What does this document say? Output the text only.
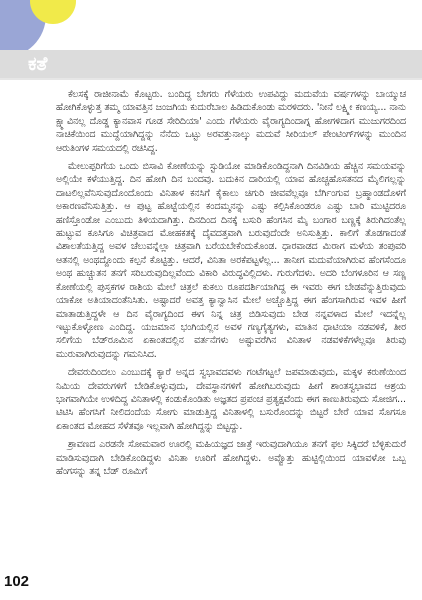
ಕತೆ

ಕೆಲಸಕ್ಕೆ ರಾಜೀನಾಮೆ ಕೊಟ್ಟರು. ಬಂದಿದ್ದ ಬೇಗರು ಗೆಳೆಯರು ಉಪವಿದ್ದು ಮದುವೆಯ ವರ್ಷಗಳನ್ನು ಬಾಯ್ಮುಚ ಹೋಗಿಕೊಳ್ಳುತ್ತ ತಮ್ಮ ಯಾವತ್ತಿನ ಜಂಜಗಿಯ ಕುದುರೆಬಾಲ ಹಿಡಿದುಕೊಂಡು ಮರಳಿದರು. 'ನೀನೆ ಲಕ್ಷ್ಮೀ ಕಣಯ್ಯ... ನಾನು ಕ್ಷ್ಮಾವಿನಲ್ಲ ದೊಡ್ಡ ಕ್ಯಾನವಾಸ ಗೂಡ ಸೇರಿದಿಯಾ' ಎಂದು ಗೆಳೆಯರು ವೈರಾಗ್ಯದಿಂದಾಗ್ನ ಹೋಗಳಿದಾಗ ಮುಜುಗರದಿಂದ ನಾಚಿಕೆಯಿಂದ ಮುದ್ದೆಯಾಗಿದ್ದನ್ನು ನೆನೆದು ಒಟ್ಟು ಅರವತ್ತುನಾಲ್ಕು ಮದುವೆ ಸೀರಿಯಲ್ ಪೇಂಟಿಂಗ್‌ಗಳನ್ನು ಮುಂದಿನ ಆರುತಿಂಗಳ ಸಮಯದಲ್ಲಿ ರಚಿಸಿದ್ದ.

ಮೇಲುಪ್ಪರಿಗೆಯ ಒಂದು ಬಿಸಾವಿ ಕೋಣೆಯನ್ನು ಸ್ಟುಡಿಯೋ ಮಾಡಿಕೊಂಡಿದ್ದನಾಗಿ ದಿನವಿಡಿಯ ಹೆಚ್ಚಿನ ಸಮಯವನ್ನು ಅಲ್ಲಿಯೇ ಕಳೆಯುತ್ತಿದ್ದ. ದಿನ ಹೋಗಿ ದಿನ ಬಂದವು. ಬದುಕಿನ ದಾರಿಯಲ್ಲಿ ಯಾವ ಹೊಚ್ಚಹೊಸತನದ ಮೈಲಿಗಲ್ಲನ್ನು ದಾಟಲಿಲ್ಲವೆನಿಸುವುದೊಂದೊಂದು ವಿನಿತಾಳ ಕನಸಿಗೆ ಕೈಕಾಲು ಚಿಗುರಿ ಜೀವವೆಲ್ಲವೂ ಬೆರ್ಗಿಂಗುವ ಬ್ರಹ್ಮಾಂಡದೊಳಗೆ ಅಕಾರಣವೆನಿಸುತ್ತಿತ್ತು. ಆ ಪುಟ್ಟ ಹೊಟ್ಟೆಯಲ್ಲಿನ ಕಂದಮ್ಮನನ್ನು ಎಷ್ಟು ಕಲ್ಪಿಸಿಕೊಂಡರೂ ಎಷ್ಟು ಬಾರಿ ಮುಟ್ಟಿದರೂ ಹಣಿಸ್ತೊಂಡೋ ಎಂಬುದು ತಿಳಿಯದಾಗಿತ್ತು. ದಿನದಿಂದ ದಿನಕ್ಕೆ ಬಸುರಿ ಹೆಂಗಸಿನ ಮೈ ಬಂಗಾರ ಬಣ್ಣಕ್ಕೆ ತಿರುಗಿದಂತೆಲ್ಲ ಹುಟ್ಟುವ ಕೂಸಿಗೂ ವಿಚಿತ್ರವಾದ ಮೋಹಕತಕ್ಕೆ ದೈವದತ್ತವಾಗಿ ಬರುವುದೆಂದೇ ಅನಿಸುತ್ತಿತ್ತು. ಕಾಲಿಗೆ ತೊಡಗಾದಂತೆ ವಿಶಾಲತೆಯತ್ತಿದ್ದ ಅವಳ ಚೆಲುವನ್ನೆಲ್ಲಾ ಚಿತ್ರವಾಗಿ ಬರೆಯಬೇಕೆಂದುಕೊಂಡ. ಧಾರವಾಡದ ಮಿರಾಗ ಮಳೆಯ ತಂಪುವರಿ ಆತನಲ್ಲಿ ಅಂಥದ್ದೊಂದು ಕಲ್ಪನೆ ಕೊಟ್ಟಿತ್ತು. ಆದರೆ, ವಿನಿತಾ ಅರಕೆಪಟ್ಟಳೆಲ್ಲ... ತಾನೀಗ ಮದುವೆಯಾಗಿರುವ ಹೆಂಗಸೆಂದೂ ಅಂಥ ಹುಚ್ಚುತನ ತನಗೆ ಸರಿಬರುವುದಿಲ್ಲವೆಂದು ವಿಕಾರಿ ವಿರುದ್ಧವಿಲ್ಲಿದಳು. ಗುರುಗೆದಳು. ಅದರಿ ಬೆಂಗಳೂರಿನ ಆ ಸಣ್ಣ ಕೋಣೆಯಲ್ಲಿ ಪುಸ್ತಕಗಳ ರಾಶಿಯ ಮೇಲೆ ಚಿತ್ರಲೆ ಕುಕಲು ರೂಪದರ್ಶಿಯಾಗಿದ್ದ ಈ ಇವರು ಈಗ ಬೇಡವೆನ್ನುತ್ತಿರುವುದು ಯಾಕೋ ಅತಿಯಾದಂತೆನಿಸಿತು. ಅಷ್ಟಾದರೆ ಅವತ್ತ ಕ್ಯಾನ್ವಾಸಿನ ಮೇಲೆ ಅಚ್ಚೊತ್ತಿದ್ದ ಈಗ ಹೆಂಗಸಾಗಿರುವ ಇವಳ ಹೀಗೆ ಮಾತಾಡುತ್ತಿದ್ದಳೇ ಆ ದಿನ ವೈರಾಗ್ಯದಿಂದ ಈಗ ನಿನ್ನ ಚಿತ್ರ ಬಿಡಿಸುವುದು ಬೇಡ ನನ್ನವಳಾದ ಮೇಲೆ ಇದನ್ನೆಲ್ಲ ಇಟ್ಟುಕೊಳ್ಳೋಣ ಎಂದಿದ್ದ. ಯಜಮಾನ ಭಂಗಿಯಲ್ಲಿನ ಅವಳ ಗಣ್ಯಗೈತ್ಯಗಳು, ಮಾತಿನ ಧಾಟಿಯಾ ನಡವಳಿಕೆ, ತೀರ ಸಲಿಗೆಯ ಬೆಡ್‌ರೂಮಿನ ಏಕಾಂತದಲ್ಲಿನ ವರ್ತನೆಗಳು ಅಷ್ಟುವರೆಗಿನ ವಿನಿತಾಳ ನಡವಳಿಕೆಗಳೆಲ್ಲವೂ ತಿರುವು ಮುರುವಾಗಿರುವುದನ್ನು ಗಮನಿಸಿದ.

ದೇವರುದಿಂದಲು ಎಂಬುದಕ್ಕೆ ಕ್ಯಾರೆ ಅನ್ನದ ಸ್ವಭಾವದವಳು ಗಂಟೆಗಟ್ಟಲೆ ಜಪಮಾಡುವುದು, ಮಕ್ಕಳ ಕರುಣೆಯಿಂದ ನಿಮಿಯ ದೇವರುಗಳಿಗೆ ಬೇಡಿಕೊಳ್ಳುವುದು, ದೇವಸ್ಥಾನಗಳಿಗೆ ಹೋಗಿಬರುವುದು ಹೀಗೆ ಶಾಂತಸ್ವಭಾವದ ಆಶ್ರಯ ಭಾಗವಾಗಿಯೇ ಉಳಿದಿದ್ದ ವಿನಿತಾಳಲ್ಲಿ ಕಂಡುಕೊಂಡಿತು ಅಜ್ಞತದ ಪ್ರಪಂಚ ಪ್ರತ್ಯಕ್ಷವೆಂದು ಈಗ ಕಾಣುತಿರುವುದು ಸೋಜಿಗ... ಟಿಟಿಸಿ ಹೆಂಗಸಿಗೆ ನೀಲಿದಂದೆಯ ಸೋಗು ಮಾಡುತ್ತಿದ್ದ ವಿನಿತಾಳಲ್ಲಿ ಬಸುರೊಂದನ್ನು ಬಿಟ್ಟರೆ ಬೇರೆ ಯಾವ ಸೊಗಸೂ ಏಕಾಂತದ ಮೋಹದ ಸೆಳೆತವೂ ಇಲ್ಲವಾಗಿ ಹೋಗಿದ್ದನ್ನು ಬಿಟ್ಟದ್ದು.

ಶ್ರಾವಣದ ಎರಡನೇ ಸೋಮವಾರ ಊರಲ್ಲಿ ಮಹಿಯಜ್ಞದ ಜಾತ್ರೆ ಇರುವುದಾಗಿಯೂ ತನಗೆ ಫಲ ಸಿಕ್ಕಿದರೆ ಬೆಳ್ಳಿಕುದುರೆ ಮಾಡಿಸುವುದಾಗಿ ಬೇಡಿಕೊಂಡಿದ್ದಳು ವಿನಿತಾ ಊರಿಗೆ ಹೋಗಿದ್ದಳು. ಅವ್ವೊತ್ತು ಹುಟ್ಟಿಲ್ಲಿಯಿಂದ ಯಾವಳೋ ಒಬ್ಬ ಹೆಂಗಸನ್ನು ತನ್ನ ಬೆಡ್ ರೂಮಿಗೆ

102
